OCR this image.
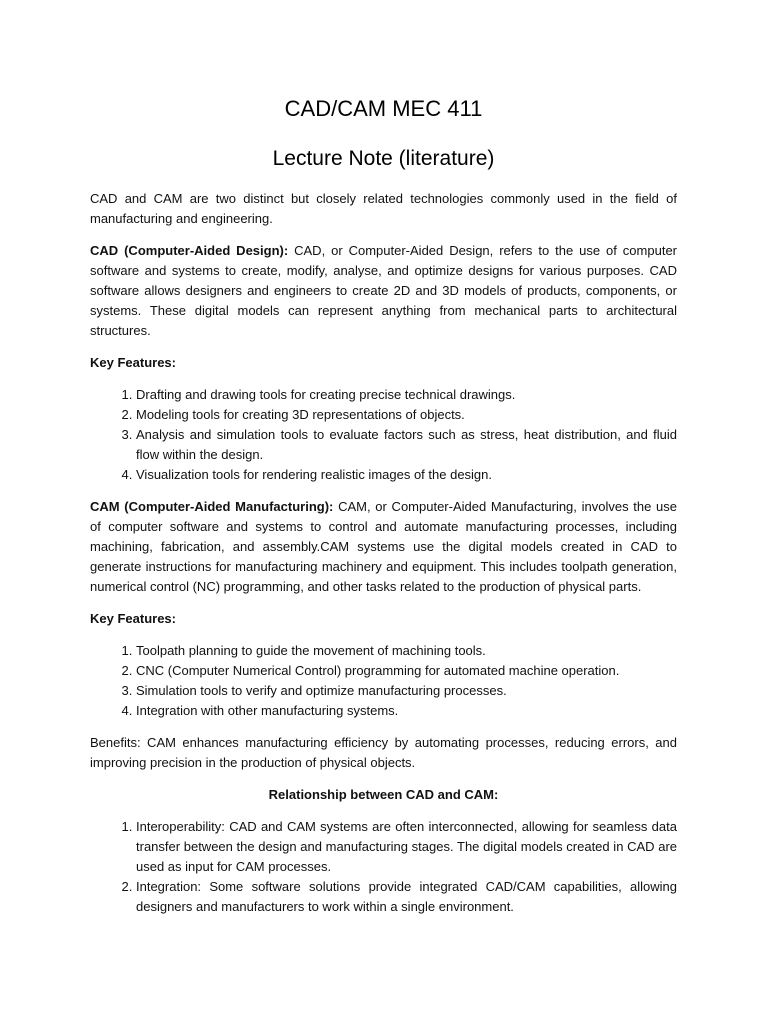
CAD/CAM MEC 411
Lecture Note (literature)

CAD and CAM are two distinct but closely related technologies commonly used in the field of manufacturing and engineering.

CAD (Computer-Aided Design): CAD, or Computer-Aided Design, refers to the use of computer software and systems to create, modify, analyse, and optimize designs for various purposes. CAD software allows designers and engineers to create 2D and 3D models of products, components, or systems. These digital models can represent anything from mechanical parts to architectural structures.

Key Features:
1. Drafting and drawing tools for creating precise technical drawings.
2. Modeling tools for creating 3D representations of objects.
3. Analysis and simulation tools to evaluate factors such as stress, heat distribution, and fluid flow within the design.
4. Visualization tools for rendering realistic images of the design.

CAM (Computer-Aided Manufacturing): CAM, or Computer-Aided Manufacturing, involves the use of computer software and systems to control and automate manufacturing processes, including machining, fabrication, and assembly.CAM systems use the digital models created in CAD to generate instructions for manufacturing machinery and equipment. This includes toolpath generation, numerical control (NC) programming, and other tasks related to the production of physical parts.

Key Features:
1. Toolpath planning to guide the movement of machining tools.
2. CNC (Computer Numerical Control) programming for automated machine operation.
3. Simulation tools to verify and optimize manufacturing processes.
4. Integration with other manufacturing systems.

Benefits: CAM enhances manufacturing efficiency by automating processes, reducing errors, and improving precision in the production of physical objects.

Relationship between CAD and CAM:
1. Interoperability: CAD and CAM systems are often interconnected, allowing for seamless data transfer between the design and manufacturing stages. The digital models created in CAD are used as input for CAM processes.
2. Integration: Some software solutions provide integrated CAD/CAM capabilities, allowing designers and manufacturers to work within a single environment.
